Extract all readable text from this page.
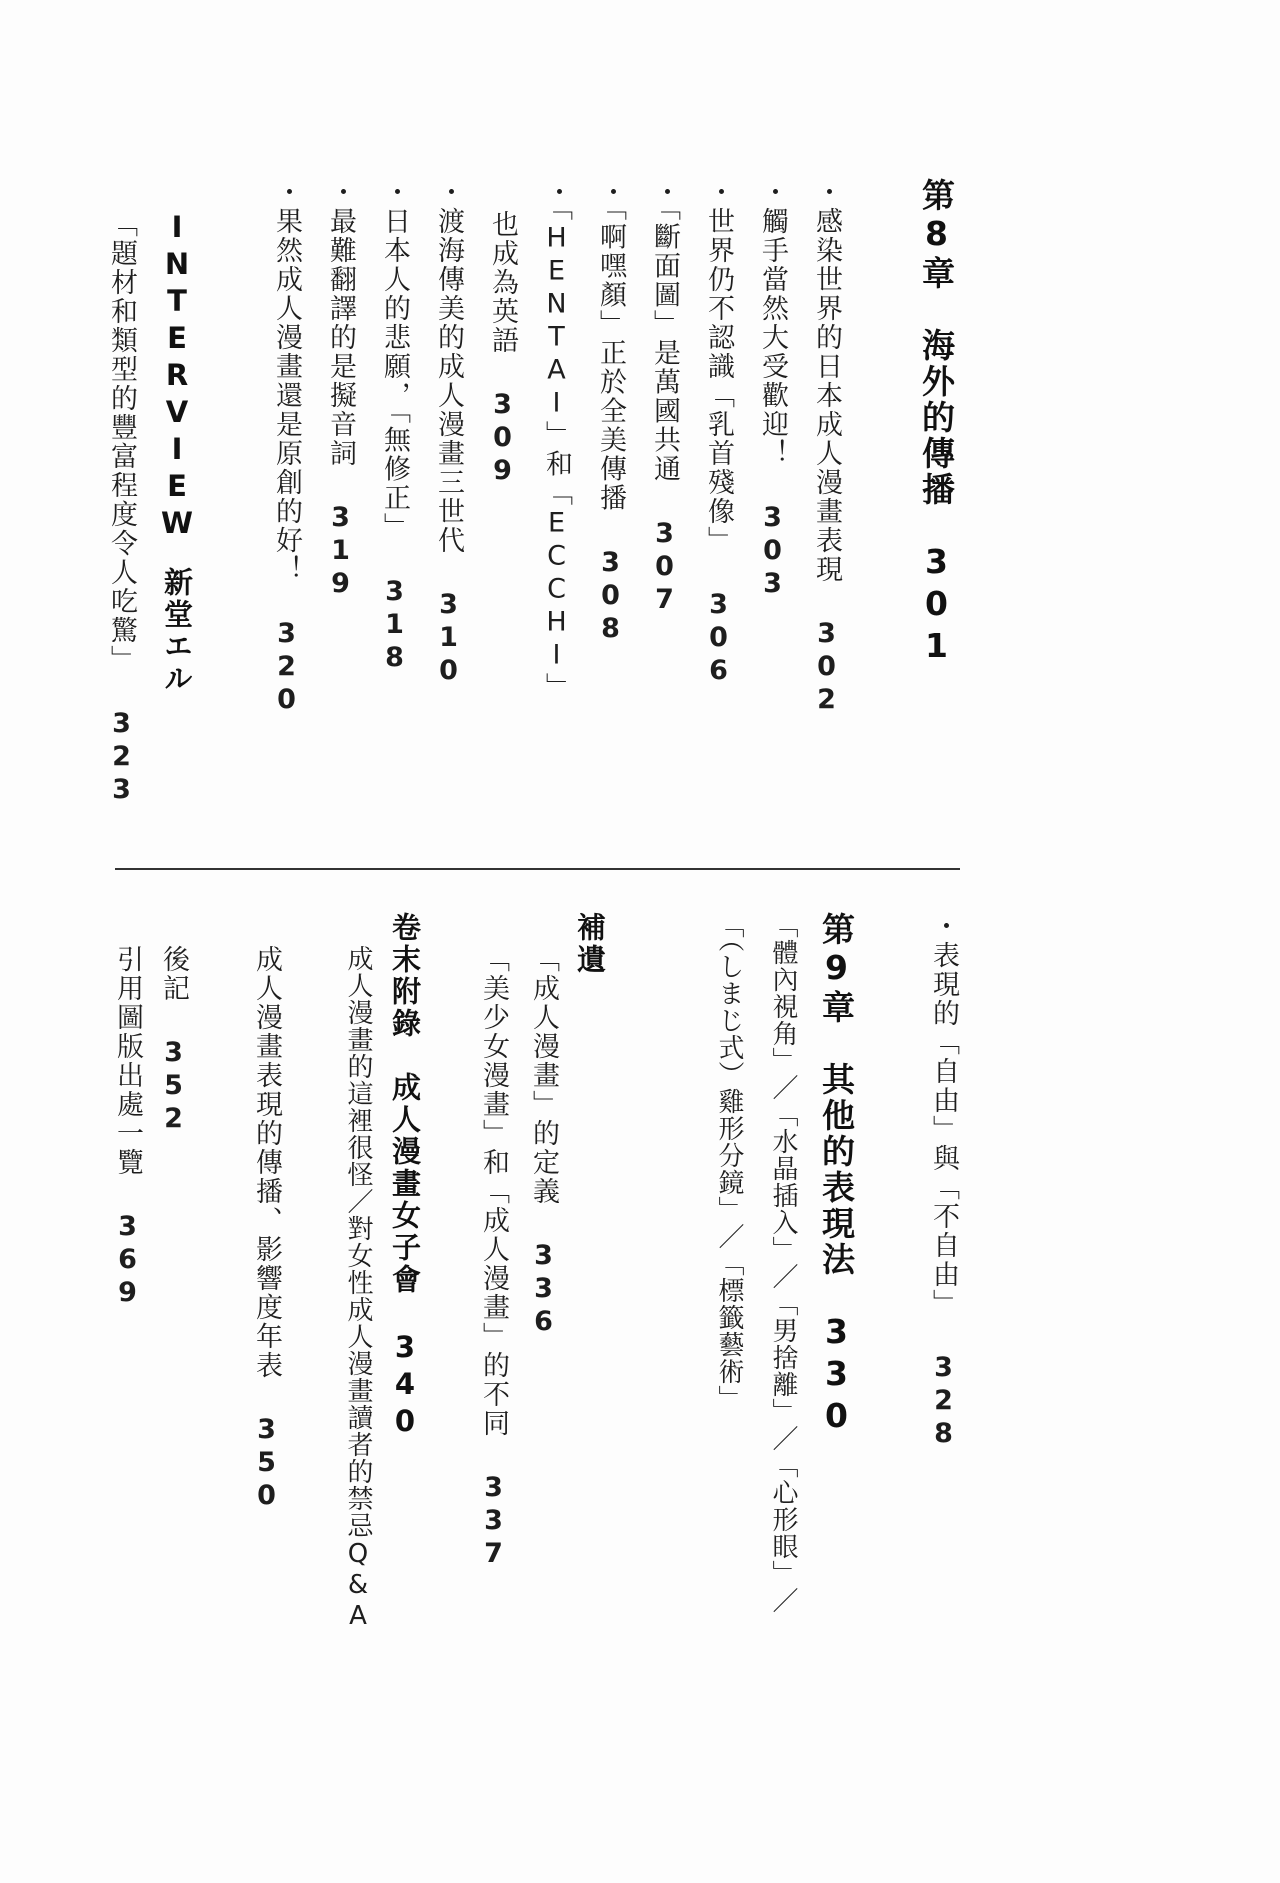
第8章　海外的傳播301
・感染世界的日本成人漫畫表現302
・觸手當然大受歡迎！303
・世界仍不認識「乳首殘像」306
・「斷面圖」是萬國共通307
・「啊嘿顏」正於全美傳播308
・「HENTAI」和「ECCHI」
也成為英語309
・渡海傳美的成人漫畫三世代310
・日本人的悲願，「無修正」318
・最難翻譯的是擬音詞319
・果然成人漫畫還是原創的好！320
INTERVIEW新堂エル
「題材和類型的豐富程度令人吃驚」323
・表現的「自由」與「不自由」328
第9章　其他的表現法330
「體內視角」／「水晶插入」／「男捨離」／「心形眼」／
「（しまじ式）雞形分鏡」／「標籤藝術」
補遺
「成人漫畫」的定義336
「美少女漫畫」和「成人漫畫」的不同337
卷末附錄　成人漫畫女子會340
成人漫畫的這裡很怪／對女性成人漫畫讀者的禁忌Q&A
成人漫畫表現的傳播、影響度年表350
後記352
引用圖版出處一覽369
